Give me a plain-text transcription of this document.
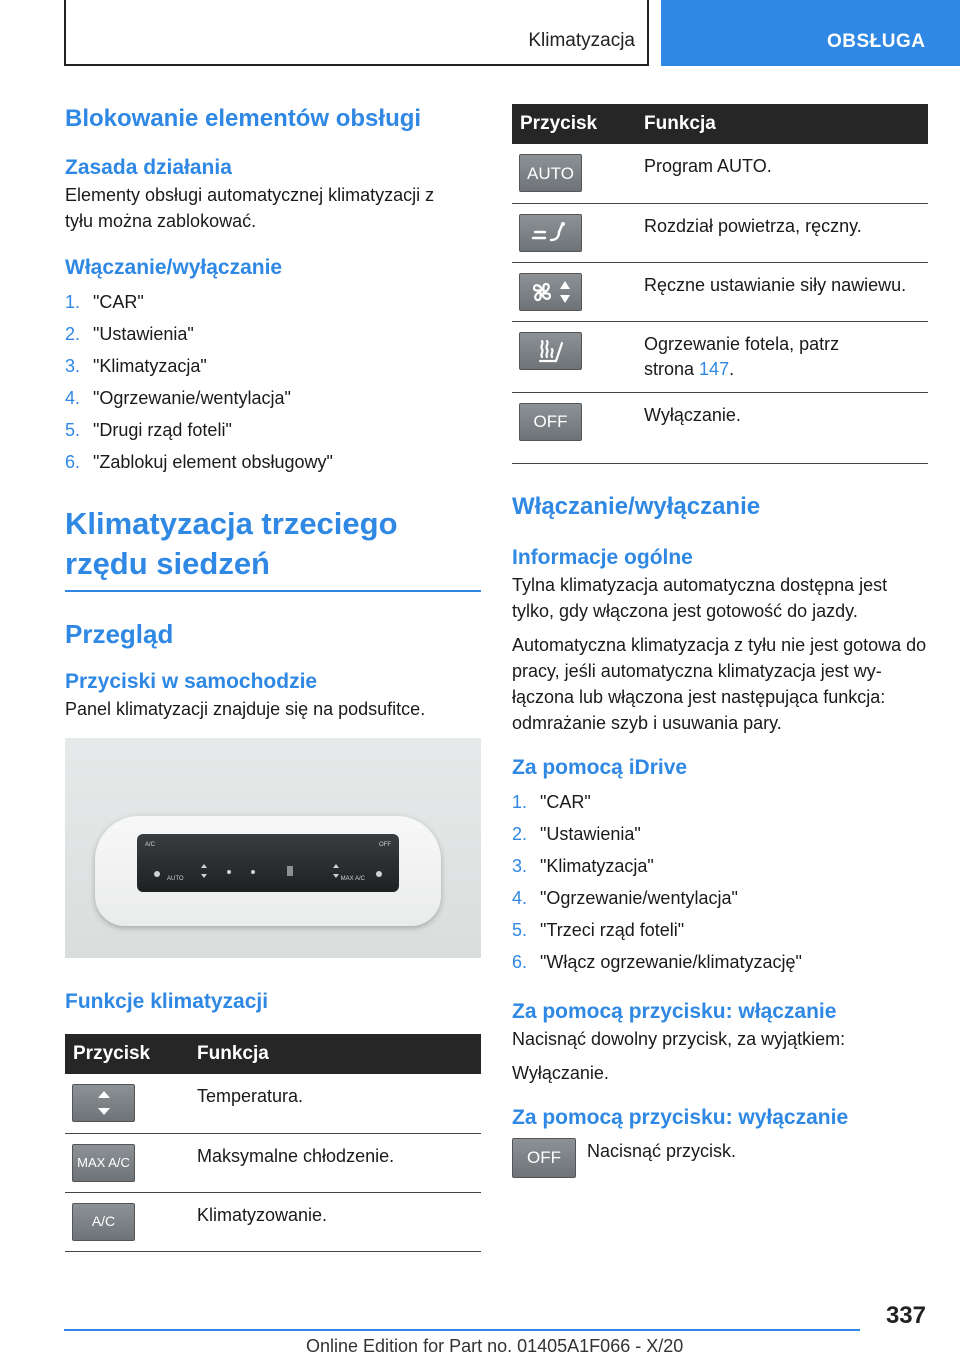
Klimatyzacja	OBSŁUGA
Blokowanie elementów obsługi
Zasada działania

Elementy obsługi automatycznej klimatyzacji z tyłu można zablokować.

Włączanie/wyłączanie
1. "CAR"
2. "Ustawienia"
3. "Klimatyzacja"
4. "Ogrzewanie/wentylacja"
5. "Drugi rząd foteli"
6. "Zablokuj element obsługowy"
Klimatyzacja trzeciego
rzędu siedzeń
Przegląd
Przyciski w samochodzie

Panel klimatyzacji znajduje się na podsufitce.

A/C	OFF
AUTO	MAX A/C
Funkcje klimatyzacji
Przycisk	Funkcja

	Temperatura.

MAX A/C	Maksymalne chłodzenie.

A/C	Klimatyzowanie.
Przycisk	Funkcja

AUTO	Program AUTO.

	Rozdział powietrza, ręczny.

	Ręczne ustawianie siły nawiewu.

	Ogrzewanie fotela, patrz strona 147.

OFF	Wyłączanie.
Włączanie/wyłączanie
Informacje ogólne

Tylna klimatyzacja automatyczna dostępna jest tylko, gdy włączona jest gotowość do jazdy.

Automatyczna klimatyzacja z tyłu nie jest gotowa do pracy, jeśli automatyczna klimatyzacja jest wy-łączona lub włączona jest następująca funkcja: odmrażanie szyb i usuwania pary.

Za pomocą iDrive
1. "CAR"
2. "Ustawienia"
3. "Klimatyzacja"
4. "Ogrzewanie/wentylacja"
5. "Trzeci rząd foteli"
6. "Włącz ogrzewanie/klimatyzację"
Za pomocą przycisku: włączanie

Nacisnąć dowolny przycisk, za wyjątkiem:

Wyłączanie.

Za pomocą przycisku: wyłączanie
OFF	Nacisnąć przycisk.

337
Online Edition for Part no. 01405A1F066 - X/20
